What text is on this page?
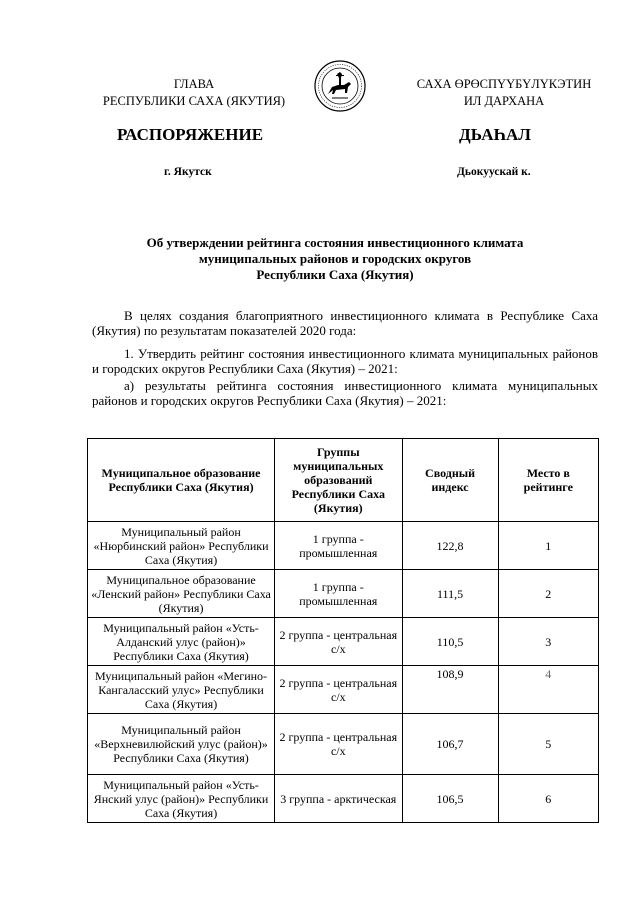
ГЛАВА
РЕСПУБЛИКИ САХА (ЯКУТИЯ)
САХА ӨРӨСПҮҮБҮЛҮКЭТИН
ИЛ ДАРХАНА
РАСПОРЯЖЕНИЕ	ДЬАҺАЛ
г. Якутск	Дьокуускай к.
Об утверждении рейтинга состояния инвестиционного климата
муниципальных районов и городских округов
Республики Саха (Якутия)
В целях создания благоприятного инвестиционного климата в Республике Саха (Якутия) по результатам показателей 2020 года:
1. Утвердить рейтинг состояния инвестиционного климата муниципальных районов и городских округов Республики Саха (Якутия) – 2021:
а) результаты рейтинга состояния инвестиционного климата муниципальных районов и городских округов Республики Саха (Якутия) – 2021:
Муниципальное образование Республики Саха (Якутия)	Группы муниципальных образований Республики Саха (Якутия)	Сводный индекс	Место в рейтинге
Муниципальный район «Нюрбинский район» Республики Саха (Якутия)	1 группа - промышленная	122,8	1
Муниципальное образование «Ленский район» Республики Саха (Якутия)	1 группа - промышленная	111,5	2
Муниципальный район «Усть-Алданский улус (район)» Республики Саха (Якутия)	2 группа - центральная с/х	110,5	3
Муниципальный район «Мегино-Кангаласский улус» Республики Саха (Якутия)	2 группа - центральная с/х	108,9	4
Муниципальный район «Верхневилюйский улус (район)» Республики Саха (Якутия)	2 группа - центральная с/х	106,7	5
Муниципальный район «Усть-Янский улус (район)» Республики Саха (Якутия)	3 группа - арктическая	106,5	6
